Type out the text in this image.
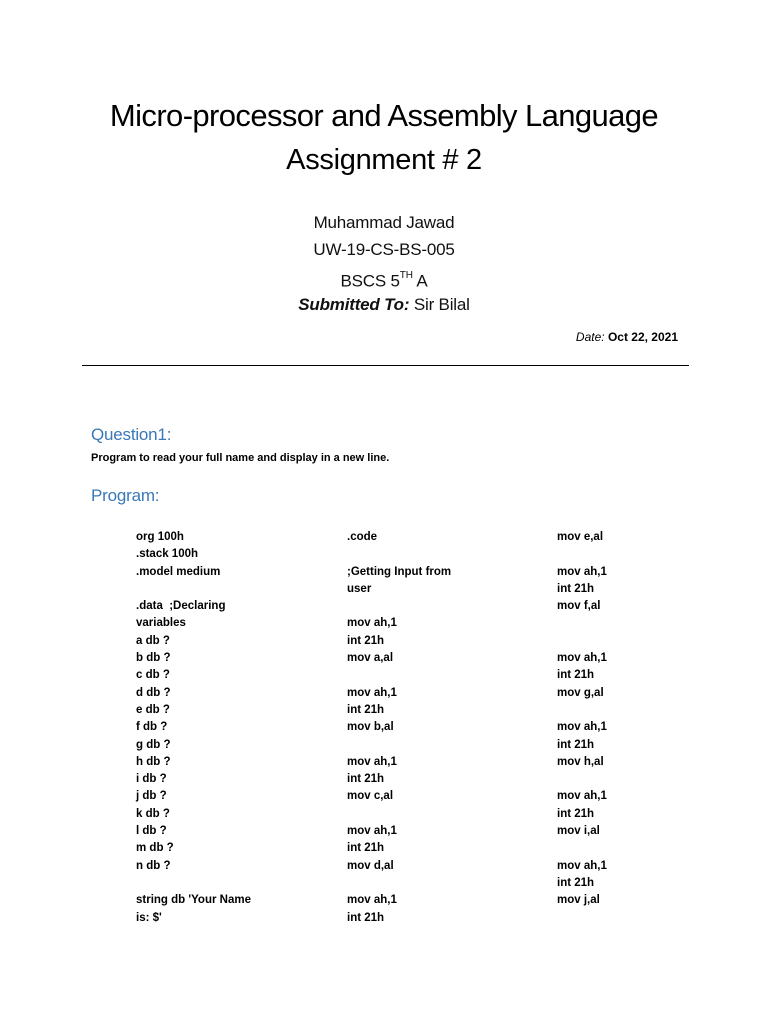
Micro-processor and Assembly Language
Assignment # 2
Muhammad Jawad
UW-19-CS-BS-005
BSCS 5TH A
Submitted To: Sir Bilal
Date: Oct 22, 2021
Question1:
Program to read your full name and display in a new line.
Program:
org 100h
.stack 100h
.model medium
.data  ;Declaring
variables
a db ?
b db ?
c db ?
d db ?
e db ?
f db ?
g db ?
h db ?
i db ?
j db ?
k db ?
l db ?
m db ?
n db ?
string db 'Your Name
is: $'
.code
;Getting Input from
user
mov ah,1
int 21h
mov a,al
mov ah,1
int 21h
mov b,al
mov ah,1
int 21h
mov c,al
mov ah,1
int 21h
mov d,al
mov ah,1
int 21h
mov e,al
mov ah,1
int 21h
mov f,al
mov ah,1
int 21h
mov g,al
mov ah,1
int 21h
mov h,al
mov ah,1
int 21h
mov i,al
mov ah,1
int 21h
mov j,al
